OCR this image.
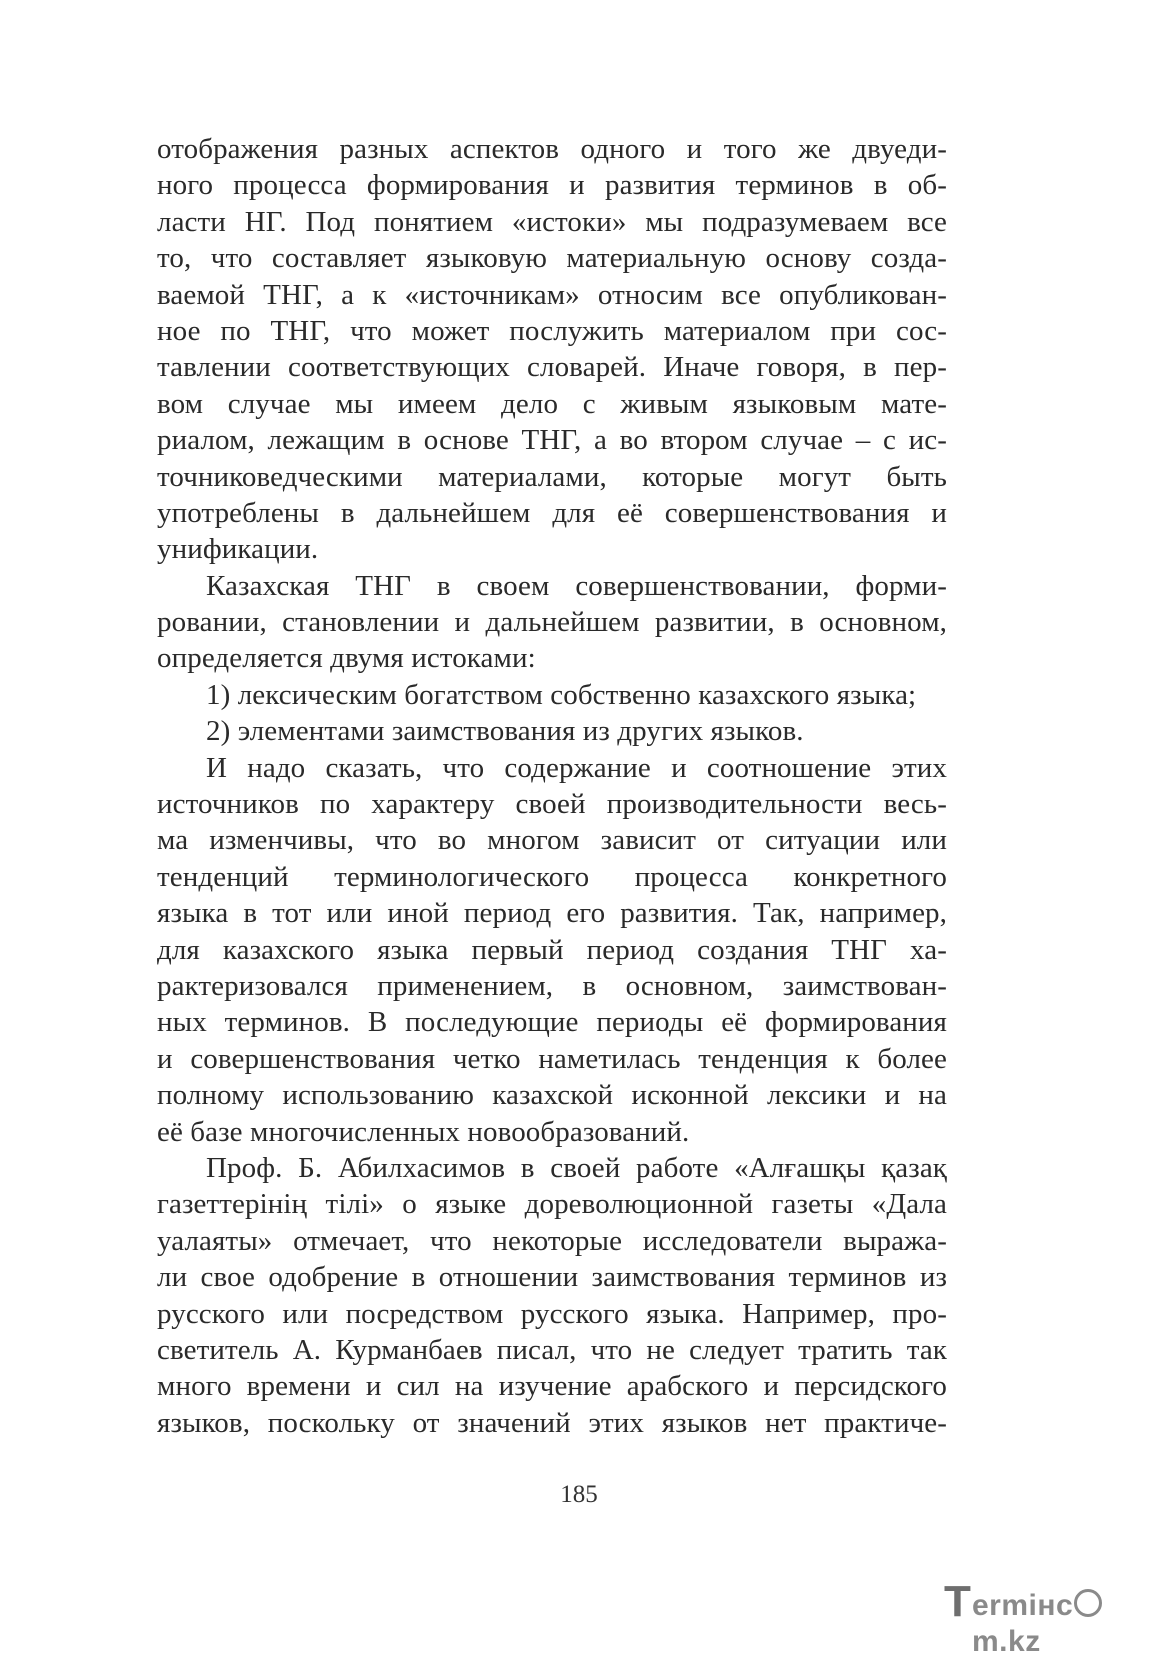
отображения разных аспектов одного и того же двуеди-
ного процесса формирования и развития терминов в об-
ласти НГ. Под понятием «истоки» мы подразумеваем все
то, что составляет языковую материальную основу созда-
ваемой ТНГ, а к «источникам» относим все опубликован-
ное по ТНГ, что может послужить материалом при сос-
тавлении соответствующих словарей. Иначе говоря, в пер-
вом случае мы имеем дело с живым языковым мате-
риалом, лежащим в основе ТНГ, а во втором случае – с ис-
точниковедческими материалами, которые могут быть
употреблены в дальнейшем для её совершенствования и
унификации.
Казахская ТНГ в своем совершенствовании, форми-
ровании, становлении и дальнейшем развитии, в основном,
определяется двумя истоками:
1) лексическим богатством собственно казахского языка;
2) элементами заимствования из других языков.
И надо сказать, что содержание и соотношение этих
источников по характеру своей производительности весь-
ма изменчивы, что во многом зависит от ситуации или
тенденций терминологического процесса конкретного
языка в тот или иной период его развития. Так, например,
для казахского языка первый период создания ТНГ ха-
рактеризовался применением, в основном, заимствован-
ных терминов. В последующие периоды её формирования
и совершенствования четко наметилась тенденция к более
полному использованию казахской исконной лексики и на
её базе многочисленных новообразований.
Проф. Б. Абилхасимов в своей работе «Алғашқы қазақ
газеттерінің тілі» о языке дореволюционной газеты «Дала
уалаяты» отмечает, что некоторые исследователи выража-
ли свое одобрение в отношении заимствования терминов из
русского или посредством русского языка. Например, про-
светитель А. Курманбаев писал, что не следует тратить так
много времени и сил на изучение арабского и персидского
языков, поскольку от значений этих языков нет практиче-
185
T ermінcm.kz
